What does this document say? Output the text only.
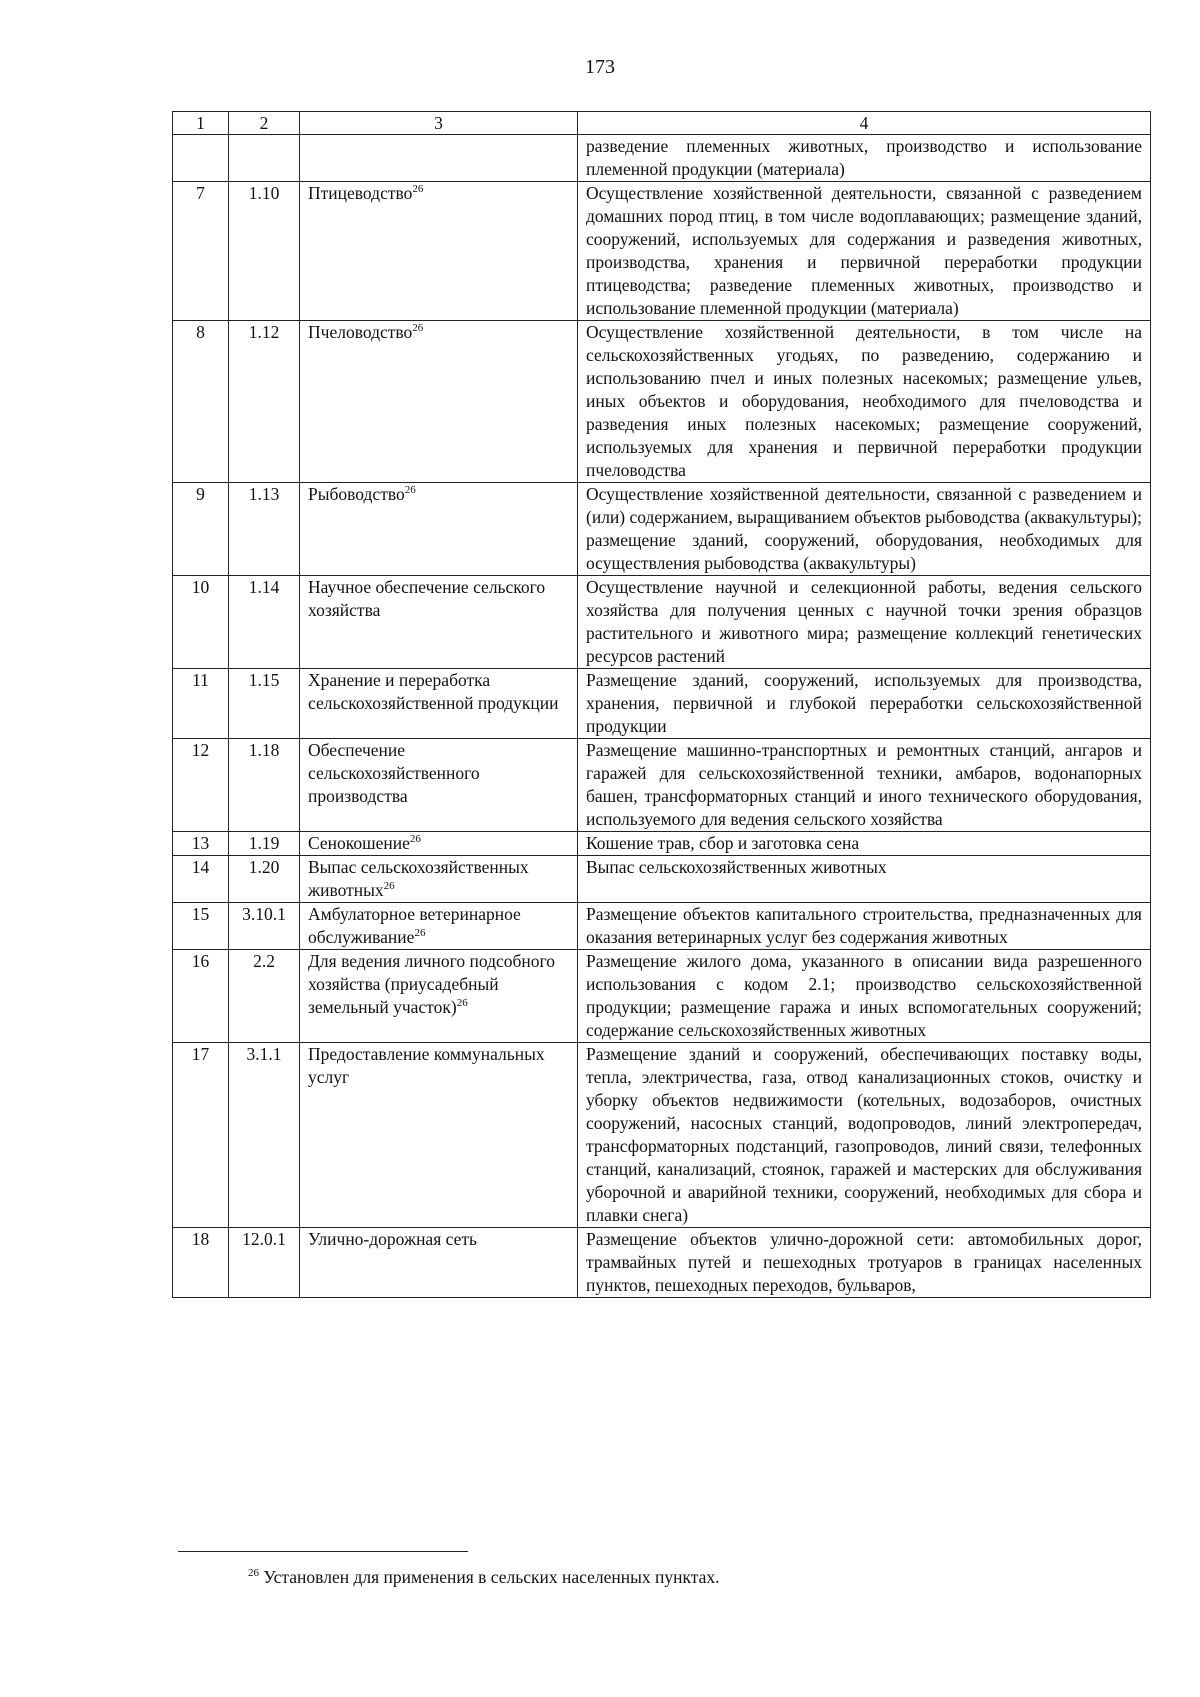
173
1	2	3	4
			разведение племенных животных, производство и использование племенной продукции (материала)
7	1.10	Птицеводство$^{26}$	Осуществление хозяйственной деятельности, связанной с разведением домашних пород птиц, в том числе водоплавающих; размещение зданий, сооружений, используемых для содержания и разведения животных, производства, хранения и первичной переработки продукции птицеводства; разведение племенных животных, производство и использование племенной продукции (материала)
8	1.12	Пчеловодство$^{26}$	Осуществление хозяйственной деятельности, в том числе на сельскохозяйственных угодьях, по разведению, содержанию и использованию пчел и иных полезных насекомых; размещение ульев, иных объектов и оборудования, необходимого для пчеловодства и разведения иных полезных насекомых; размещение сооружений, используемых для хранения и первичной переработки продукции пчеловодства
9	1.13	Рыбоводство$^{26}$	Осуществление хозяйственной деятельности, связанной с разведением и (или) содержанием, выращиванием объектов рыбоводства (аквакультуры); размещение зданий, сооружений, оборудования, необходимых для осуществления рыбоводства (аквакультуры)
10	1.14	Научное обеспечение сельского хозяйства	Осуществление научной и селекционной работы, ведения сельского хозяйства для получения ценных с научной точки зрения образцов растительного и животного мира; размещение коллекций генетических ресурсов растений
11	1.15	Хранение и переработка сельскохозяйственной продукции	Размещение зданий, сооружений, используемых для производства, хранения, первичной и глубокой переработки сельскохозяйственной продукции
12	1.18	Обеспечение сельскохозяйственного производства	Размещение машинно-транспортных и ремонтных станций, ангаров и гаражей для сельскохозяйственной техники, амбаров, водонапорных башен, трансформаторных станций и иного технического оборудования, используемого для ведения сельского хозяйства
13	1.19	Сенокошение$^{26}$	Кошение трав, сбор и заготовка сена
14	1.20	Выпас сельскохозяйственных животных$^{26}$	Выпас сельскохозяйственных животных
15	3.10.1	Амбулаторное ветеринарное обслуживание$^{26}$	Размещение объектов капитального строительства, предназначенных для оказания ветеринарных услуг без содержания животных
16	2.2	Для ведения личного подсобного хозяйства (приусадебный земельный участок)$^{26}$	Размещение жилого дома, указанного в описании вида разрешенного использования с кодом 2.1; производство сельскохозяйственной продукции; размещение гаража и иных вспомогательных сооружений; содержание сельскохозяйственных животных
17	3.1.1	Предоставление коммунальных услуг	Размещение зданий и сооружений, обеспечивающих поставку воды, тепла, электричества, газа, отвод канализационных стоков, очистку и уборку объектов недвижимости (котельных, водозаборов, очистных сооружений, насосных станций, водопроводов, линий электропередач, трансформаторных подстанций, газопроводов, линий связи, телефонных станций, канализаций, стоянок, гаражей и мастерских для обслуживания уборочной и аварийной техники, сооружений, необходимых для сбора и плавки снега)
18	12.0.1	Улично-дорожная сеть	Размещение объектов улично-дорожной сети: автомобильных дорог, трамвайных путей и пешеходных тротуаров в границах населенных пунктов, пешеходных переходов, бульваров,
$^{26}$ Установлен для применения в сельских населенных пунктах.
